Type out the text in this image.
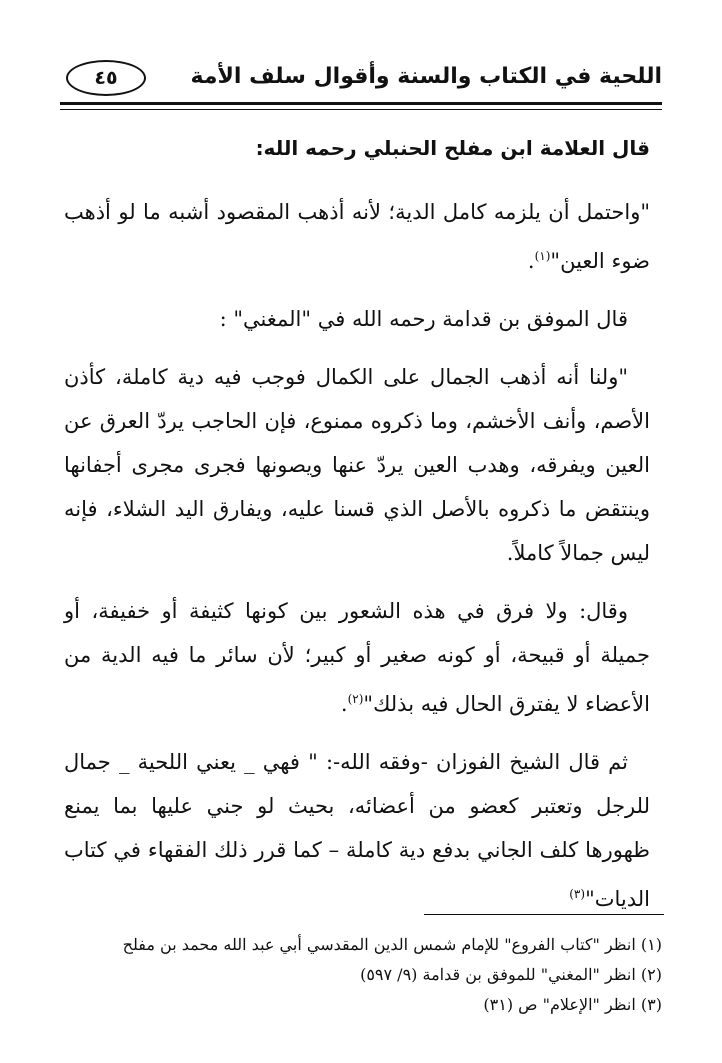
اللحية في الكتاب والسنة وأقوال سلف الأمة
٤٥
قال العلامة ابن مفلح الحنبلي رحمه الله:

"واحتمل أن يلزمه كامل الدية؛ لأنه أذهب المقصود أشبه ما لو أذهب ضوء العين"$^{(١)}$.

قال الموفق بن قدامة رحمه الله في "المغني" :

"ولنا أنه أذهب الجمال على الكمال فوجب فيه دية كاملة، كأذن الأصم، وأنف الأخشم، وما ذكروه ممنوع، فإن الحاجب يردّ العرق عن العين ويفرقه، وهدب العين يردّ عنها ويصونها فجرى مجرى أجفانها وينتقض ما ذكروه بالأصل الذي قسنا عليه، ويفارق اليد الشلاء، فإنه ليس جمالاً كاملاً.

وقال: ولا فرق في هذه الشعور بين كونها كثيفة أو خفيفة، أو جميلة أو قبيحة، أو كونه صغير أو كبير؛ لأن سائر ما فيه الدية من الأعضاء لا يفترق الحال فيه بذلك"$^{(٢)}$.

ثم قال الشيخ الفوزان -وفقه الله-: " فهي _ يعني اللحية _ جمال للرجل وتعتبر كعضو من أعضائه، بحيث لو جني عليها بما يمنع ظهورها كلف الجاني بدفع دية كاملة – كما قرر ذلك الفقهاء في كتاب الديات"$^{(٣)}$

(١) انظر "كتاب الفروع" للإمام شمس الدين المقدسي أبي عبد الله محمد بن مفلح
(٢) انظر "المغني" للموفق بن قدامة (٩/ ٥٩٧)
(٣) انظر "الإعلام" ص (٣١)
